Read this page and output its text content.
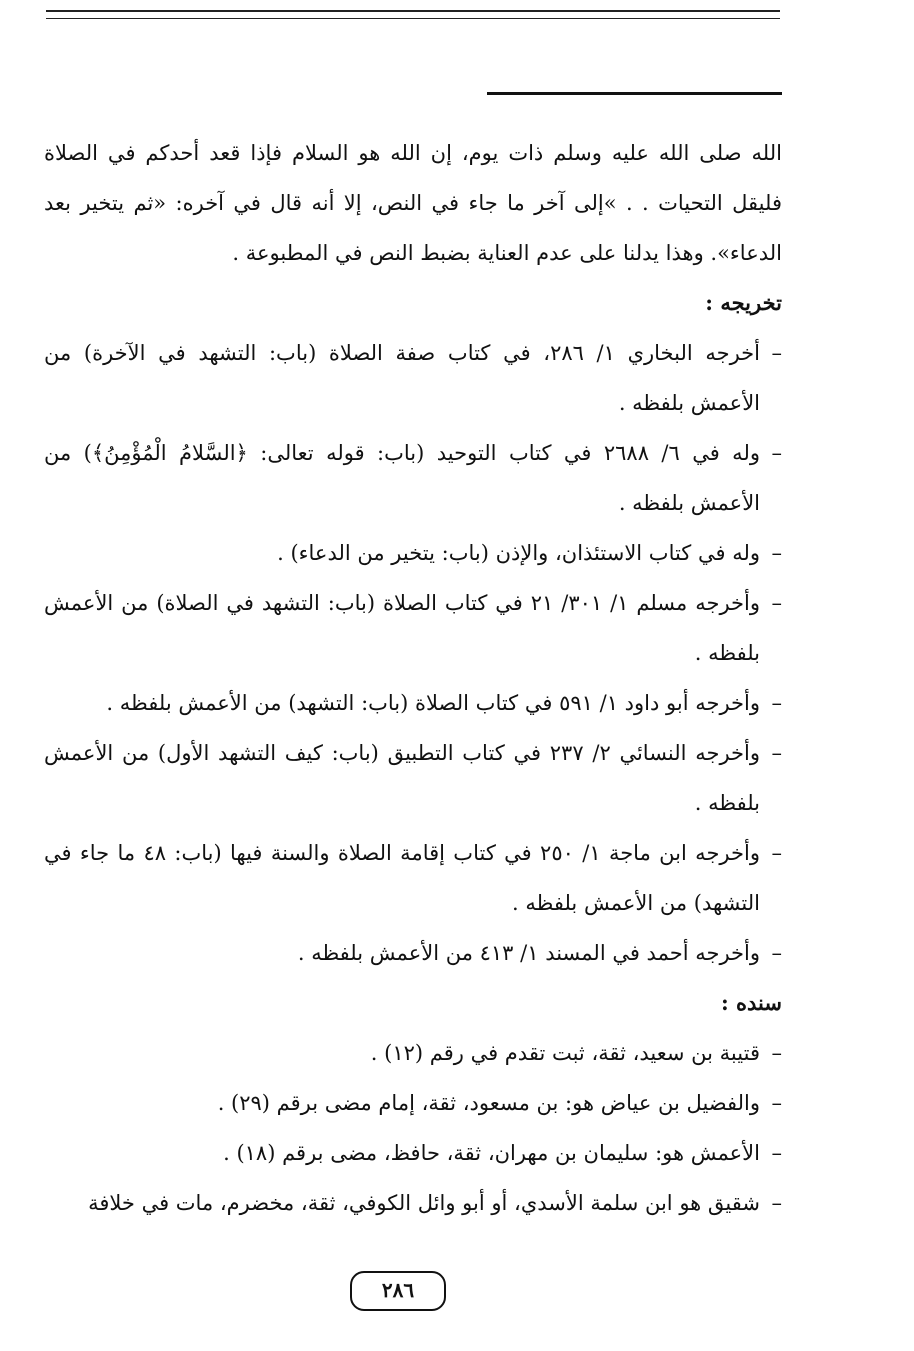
الله صلى الله عليه وسلم ذات يوم، إن الله هو السلام فإذا قعد أحدكم في الصلاة فليقل التحيات . . »إلى آخر ما جاء في النص، إلا أنه قال في آخره: «ثم يتخير بعد الدعاء». وهذا يدلنا على عدم العناية بضبط النص في المطبوعة .

تخريجه :

–
أخرجه البخاري ١/ ٢٨٦، في كتاب صفة الصلاة (باب: التشهد في الآخرة) من الأعمش بلفظه .
–
وله في ٦/ ٢٦٨٨ في كتاب التوحيد (باب: قوله تعالى: ﴿السَّلامُ الْمُؤْمِنُ﴾) من الأعمش بلفظه .
–
وله في كتاب الاستئذان، والإذن (باب: يتخير من الدعاء) .
–
وأخرجه مسلم ١/ ٣٠١/ ٢١ في كتاب الصلاة (باب: التشهد في الصلاة) من الأعمش بلفظه .
–
وأخرجه أبو داود ١/ ٥٩١ في كتاب الصلاة (باب: التشهد) من الأعمش بلفظه .
–
وأخرجه النسائي ٢/ ٢٣٧ في كتاب التطبيق (باب: كيف التشهد الأول) من الأعمش بلفظه .
–
وأخرجه ابن ماجة ١/ ٢٥٠ في كتاب إقامة الصلاة والسنة فيها (باب: ٤٨ ما جاء في التشهد) من الأعمش بلفظه .
–
وأخرجه أحمد في المسند ١/ ٤١٣ من الأعمش بلفظه .

سنده :

–
قتيبة بن سعيد، ثقة، ثبت تقدم في رقم (١٢) .
–
والفضيل بن عياض هو: بن مسعود، ثقة، إمام مضى برقم (٢٩) .
–
الأعمش هو: سليمان بن مهران، ثقة، حافظ، مضى برقم (١٨) .
–
شقيق هو ابن سلمة الأسدي، أو أبو وائل الكوفي، ثقة، مخضرم، مات في خلافة
٢٨٦
